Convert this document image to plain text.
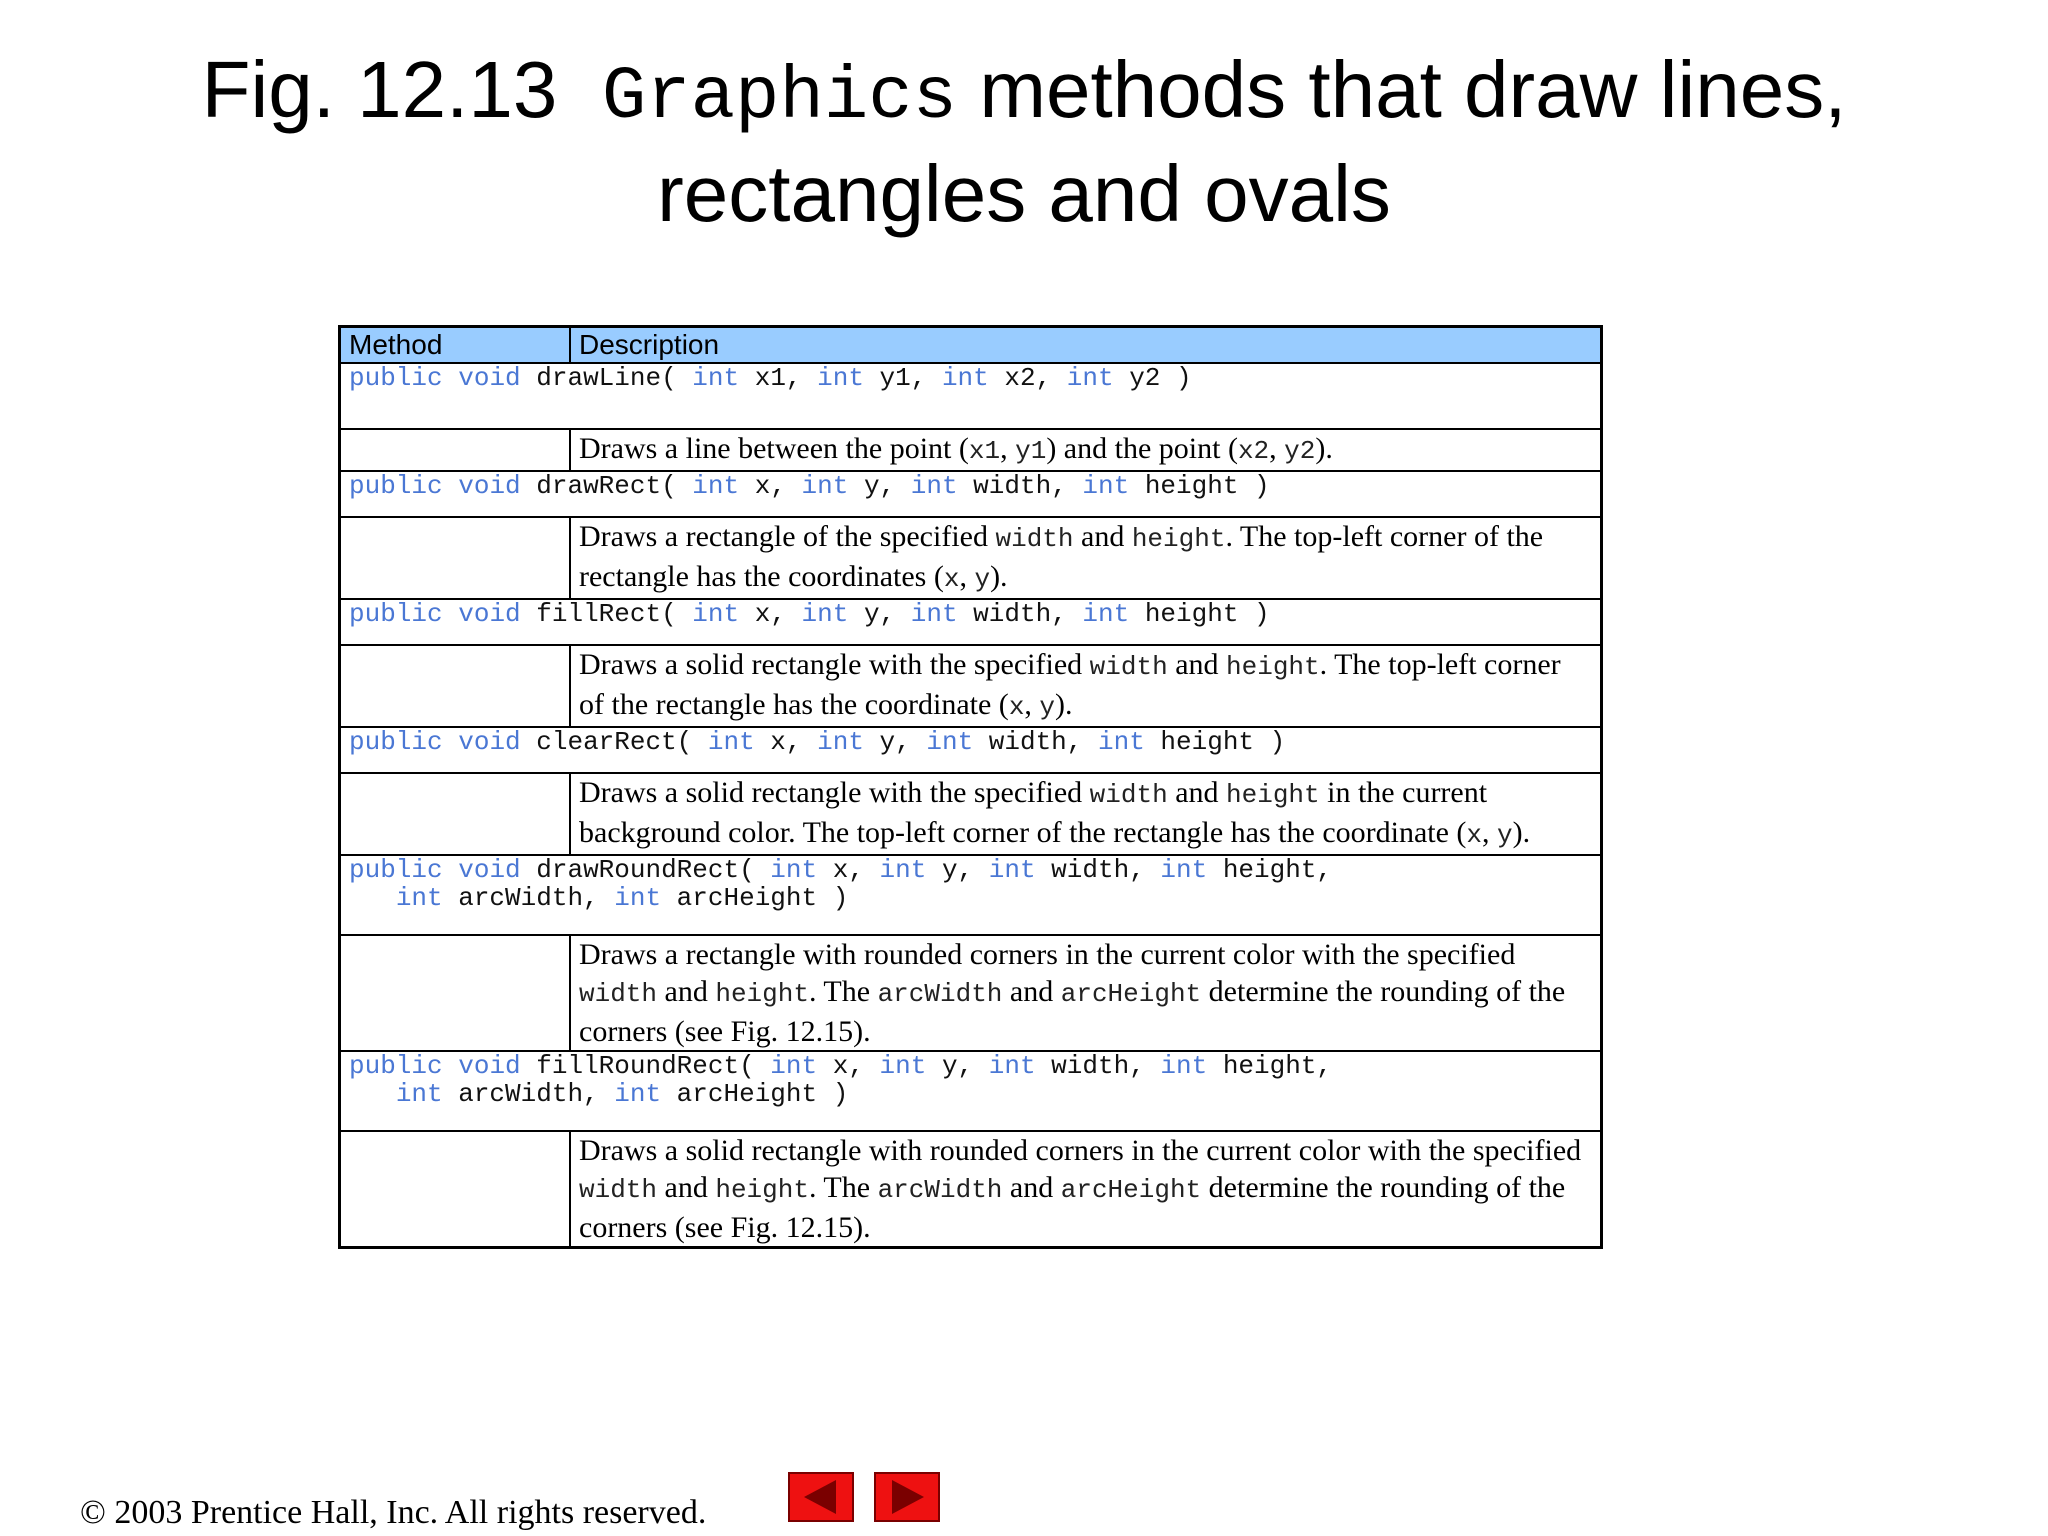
Fig. 12.13 Graphics methods that draw lines,
rectangles and ovals
Method	Description
public void drawLine( int x1, int y1, int x2, int y2 )	
	Draws a line between the point (x1, y1) and the point (x2, y2).
public void drawRect( int x, int y, int width, int height )	
	Draws a rectangle of the specified width and height. The top-left corner of the rectangle has the coordinates (x, y).
public void fillRect( int x, int y, int width, int height )	
	Draws a solid rectangle with the specified width and height. The top-left corner of the rectangle has the coordinate (x, y).
public void clearRect( int x, int y, int width, int height )	
	Draws a solid rectangle with the specified width and height in the current background color. The top-left corner of the rectangle has the coordinate (x, y).
public void drawRoundRect( int x, int y, int width, int height,
int arcWidth, int arcHeight )	
	Draws a rectangle with rounded corners in the current color with the specified width and height. The arcWidth and arcHeight determine the rounding of the corners (see Fig. 12.15).
public void fillRoundRect( int x, int y, int width, int height,
int arcWidth, int arcHeight )	
	Draws a solid rectangle with rounded corners in the current color with the specified width and height. The arcWidth and arcHeight determine the rounding of the corners (see Fig. 12.15).
© 2003 Prentice Hall, Inc. All rights reserved.
